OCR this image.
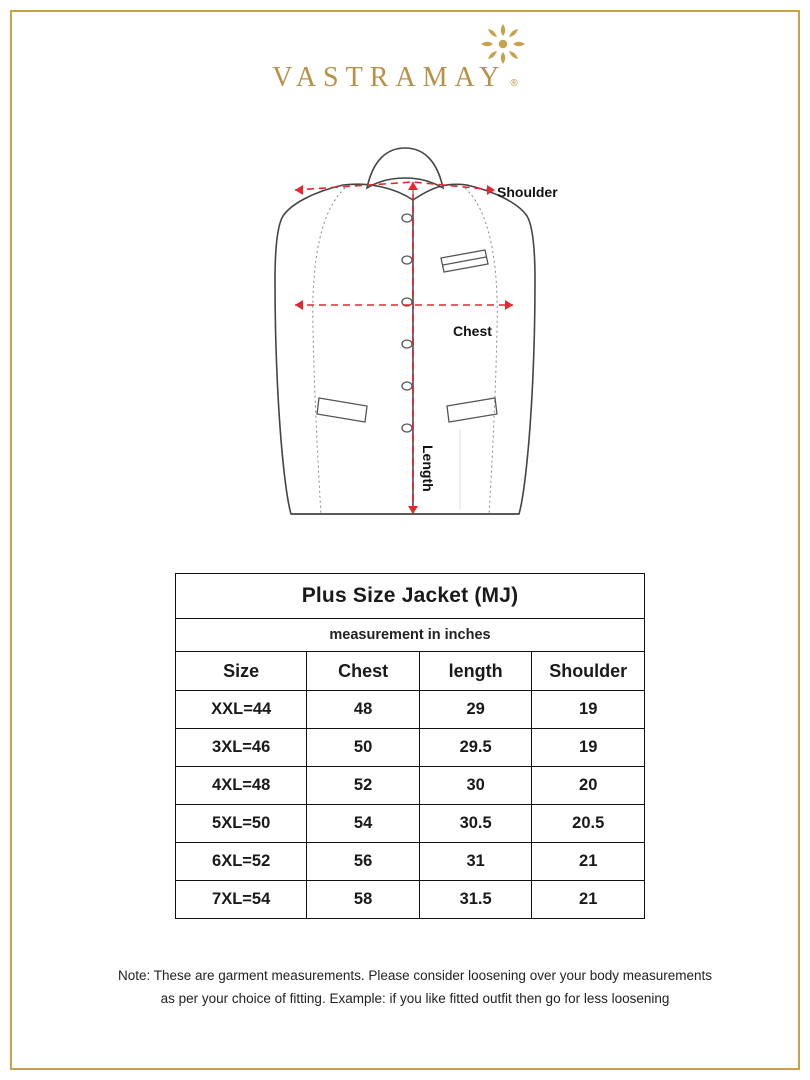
VASTRAMAY ®
Shoulder
Chest
Length
Plus Size Jacket (MJ)			
measurement in inches			
Size	Chest	length	Shoulder
XXL=44	48	29	19
3XL=46	50	29.5	19
4XL=48	52	30	20
5XL=50	54	30.5	20.5
6XL=52	56	31	21
7XL=54	58	31.5	21
Note: These are garment measurements. Please consider loosening over your body measurements
as per your choice of fitting. Example: if you like fitted outfit then go for less loosening
